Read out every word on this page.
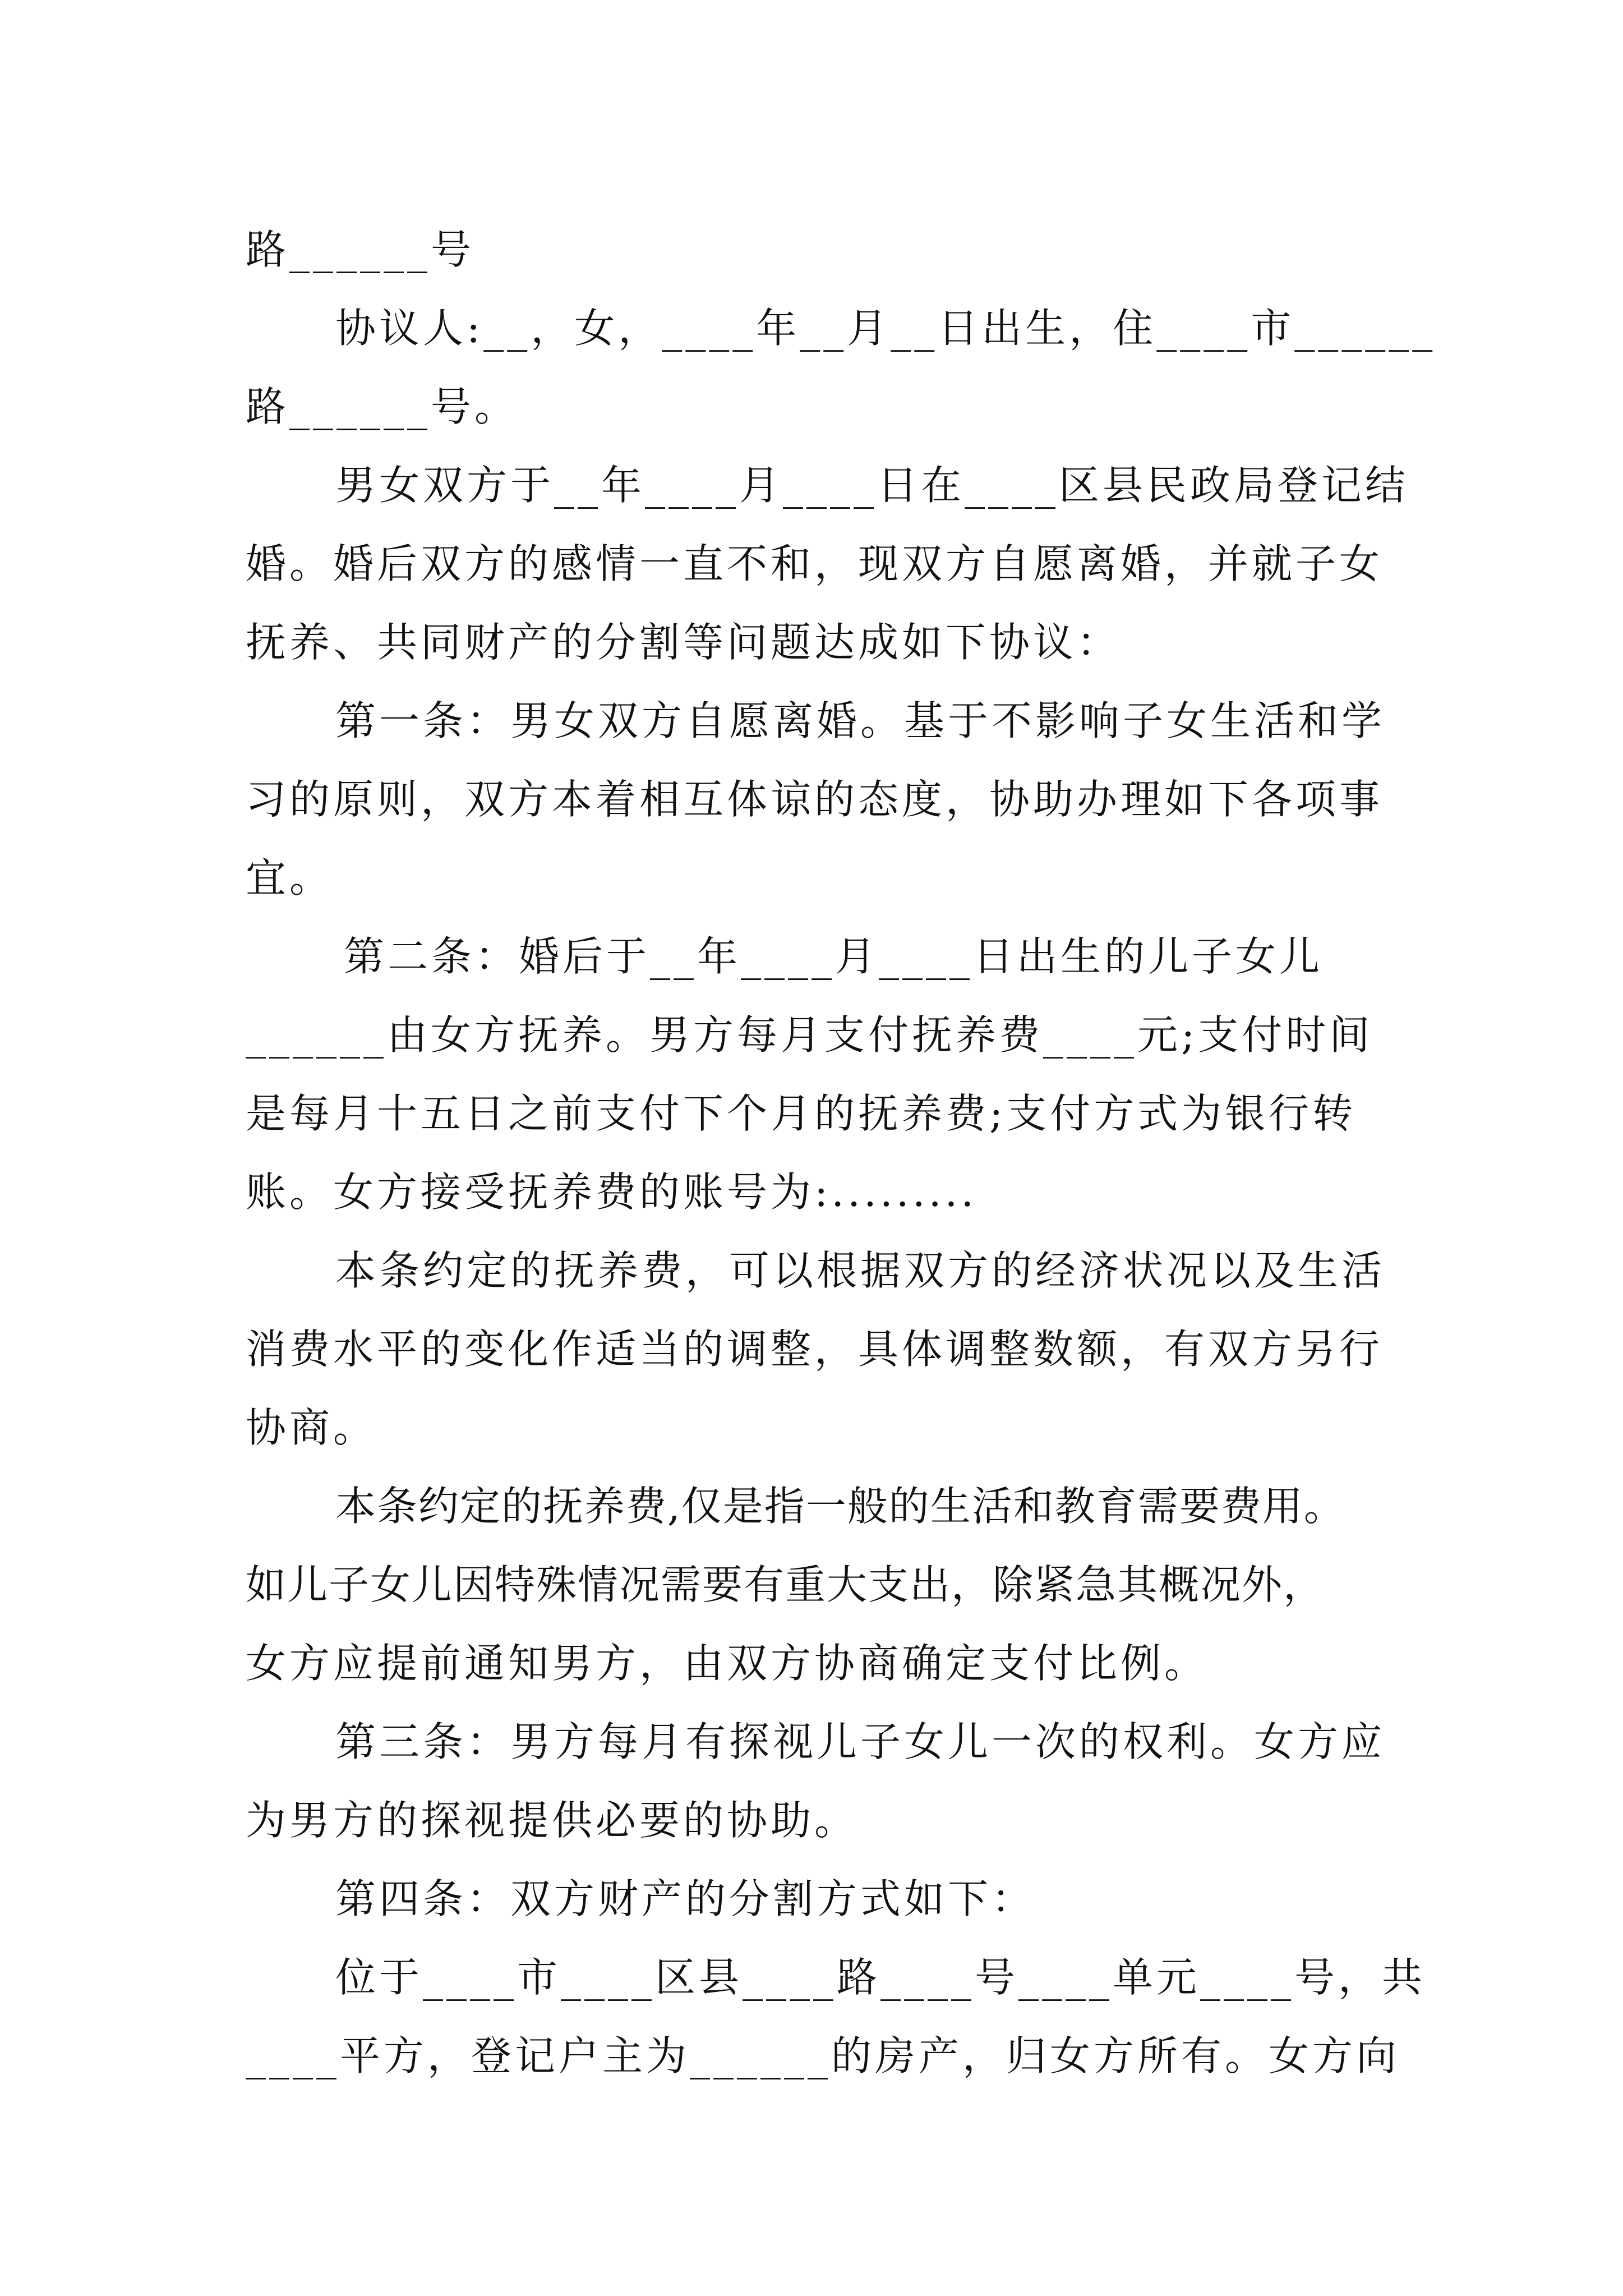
路______号
协议人:__，女，____年__月__日出生，住____市______
路______号。
男女双方于__年____月____日在____区县民政局登记结
婚。婚后双方的感情一直不和，现双方自愿离婚，并就子女
抚养、共同财产的分割等问题达成如下协议：
第一条：男女双方自愿离婚。基于不影响子女生活和学
习的原则，双方本着相互体谅的态度，协助办理如下各项事
宜。
第二条：婚后于__年____月____日出生的儿子女儿
______由女方抚养。男方每月支付抚养费____元;支付时间
是每月十五日之前支付下个月的抚养费;支付方式为银行转
账。女方接受抚养费的账号为:.........
本条约定的抚养费，可以根据双方的经济状况以及生活
消费水平的变化作适当的调整，具体调整数额，有双方另行
协商。
本条约定的抚养费,仅是指一般的生活和教育需要费用。
如儿子女儿因特殊情况需要有重大支出，除紧急其概况外，
女方应提前通知男方，由双方协商确定支付比例。
第三条：男方每月有探视儿子女儿一次的权利。女方应
为男方的探视提供必要的协助。
第四条：双方财产的分割方式如下：
位于____市____区县____路____号____单元____号，共
____平方，登记户主为______的房产，归女方所有。女方向
